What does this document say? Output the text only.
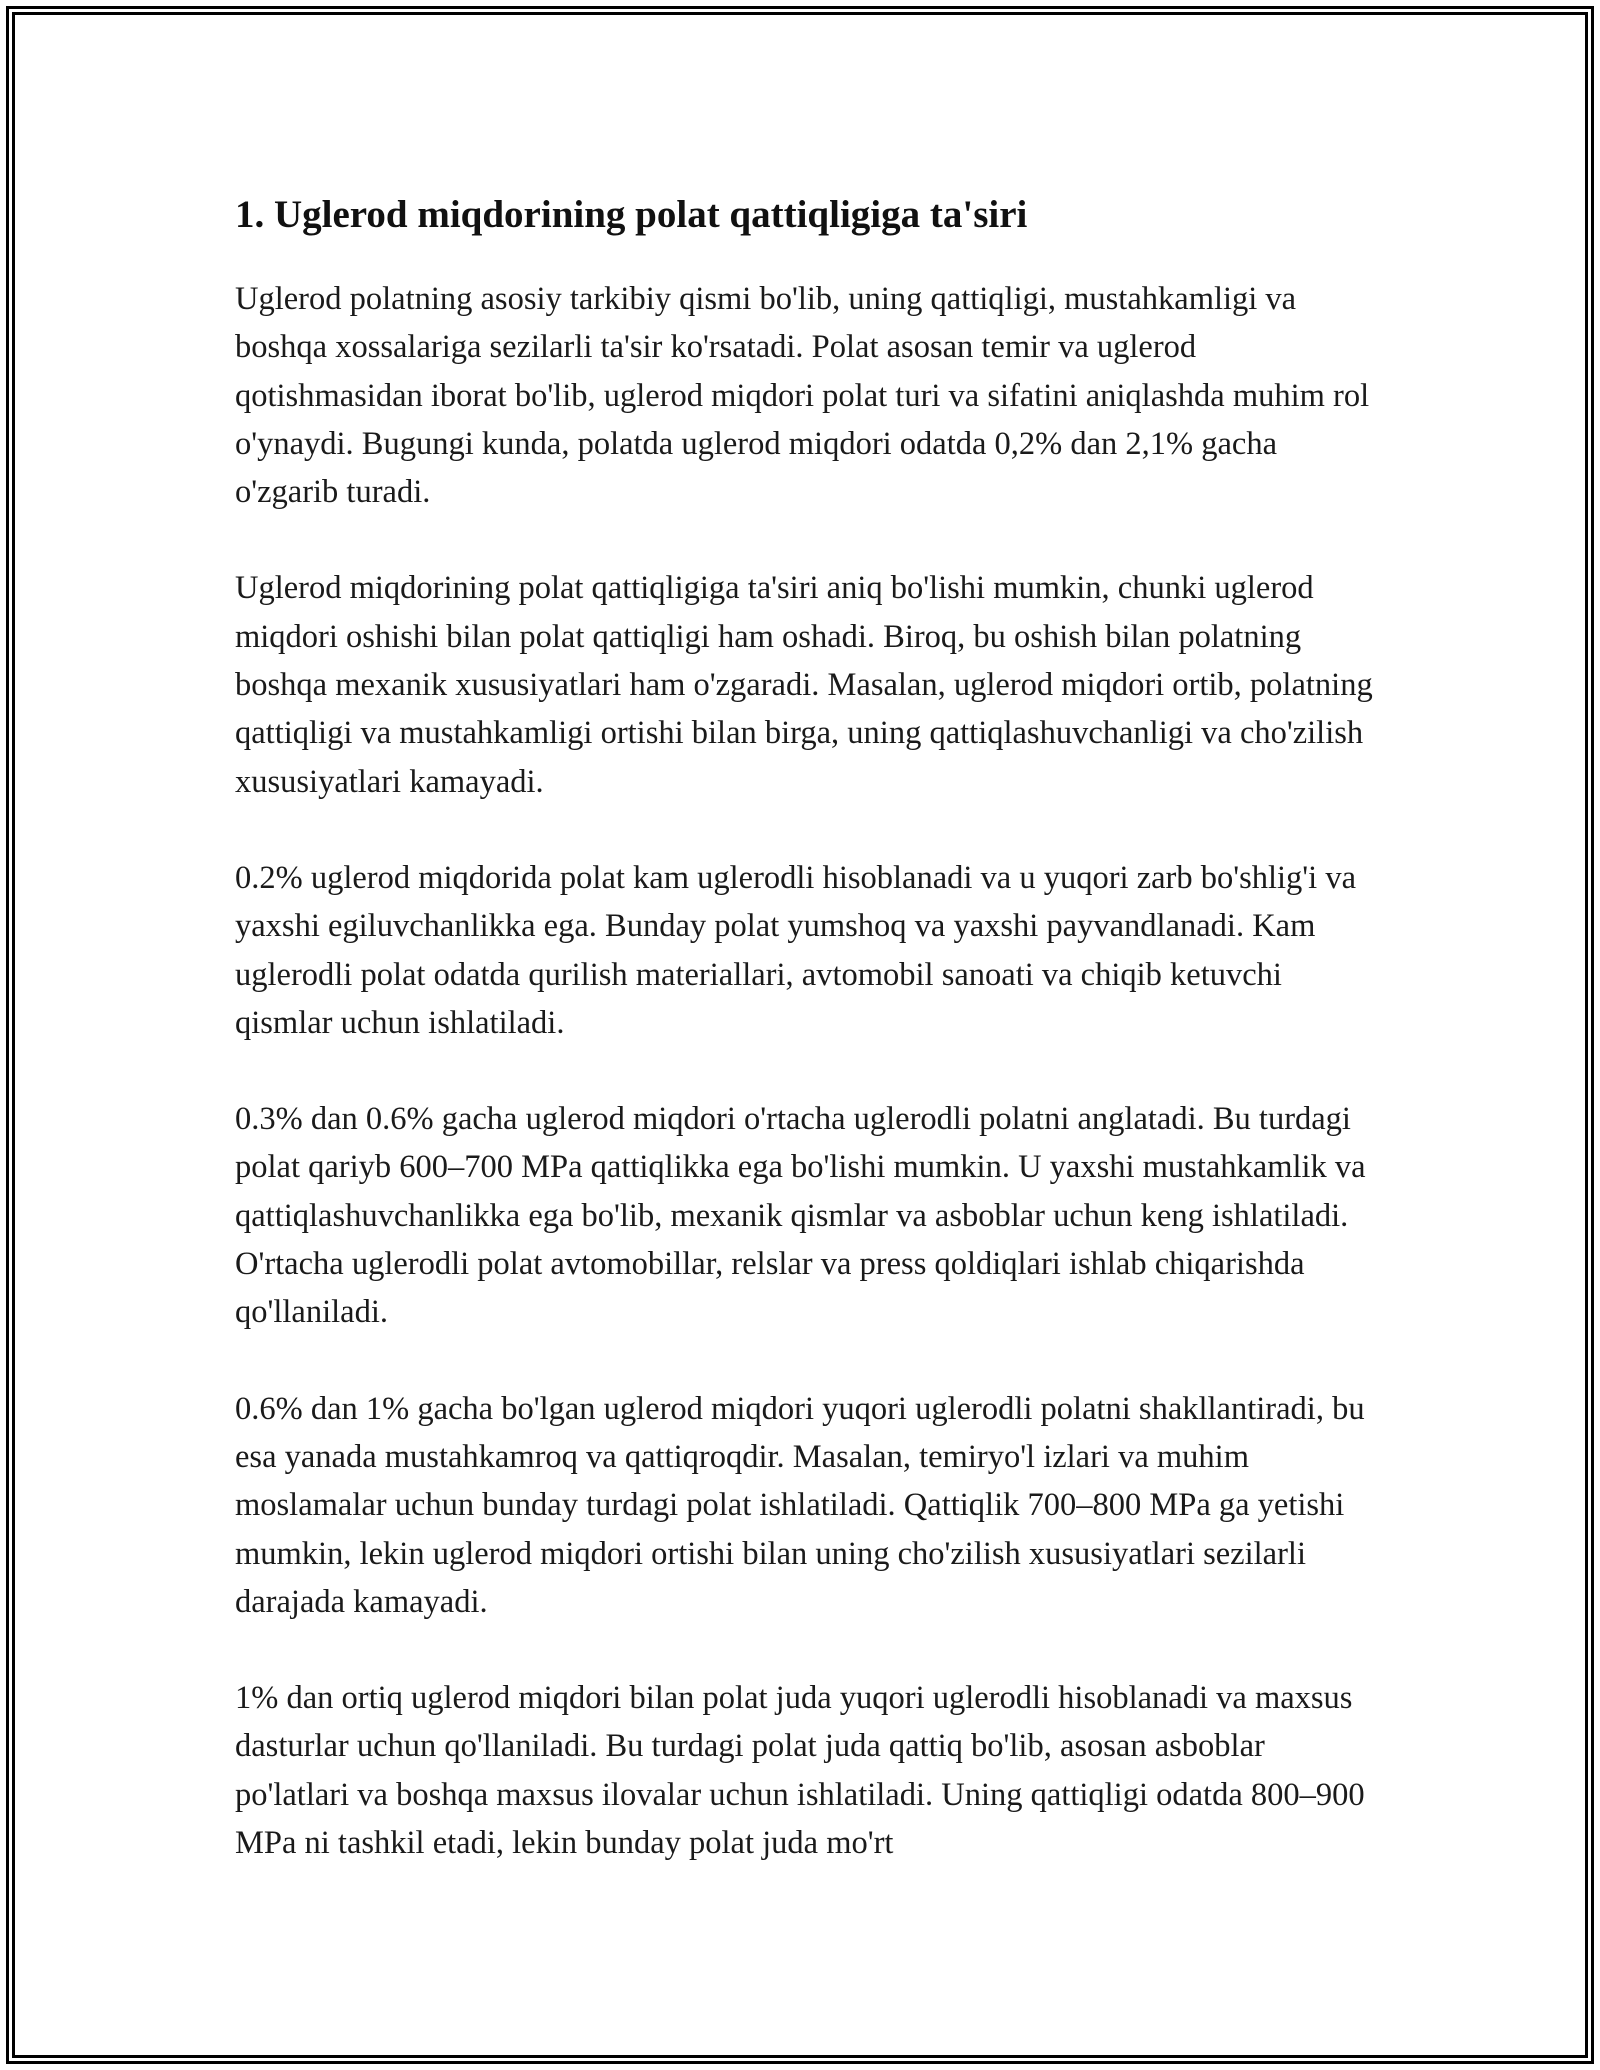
1. Uglerod miqdorining polat qattiqligiga ta'siri

Uglerod polatning asosiy tarkibiy qismi bo'lib, uning qattiqligi, mustahkamligi va boshqa xossalariga sezilarli ta'sir ko'rsatadi. Polat asosan temir va uglerod qotishmasidan iborat bo'lib, uglerod miqdori polat turi va sifatini aniqlashda muhim rol o'ynaydi. Bugungi kunda, polatda uglerod miqdori odatda 0,2% dan 2,1% gacha o'zgarib turadi.

Uglerod miqdorining polat qattiqligiga ta'siri aniq bo'lishi mumkin, chunki uglerod miqdori oshishi bilan polat qattiqligi ham oshadi. Biroq, bu oshish bilan polatning boshqa mexanik xususiyatlari ham o'zgaradi. Masalan, uglerod miqdori ortib, polatning qattiqligi va mustahkamligi ortishi bilan birga, uning qattiqlashuvchanligi va cho'zilish xususiyatlari kamayadi.

0.2% uglerod miqdorida polat kam uglerodli hisoblanadi va u yuqori zarb bo'shlig'i va yaxshi egiluvchanlikka ega. Bunday polat yumshoq va yaxshi payvandlanadi. Kam uglerodli polat odatda qurilish materiallari, avtomobil sanoati va chiqib ketuvchi qismlar uchun ishlatiladi.

0.3% dan 0.6% gacha uglerod miqdori o'rtacha uglerodli polatni anglatadi. Bu turdagi polat qariyb 600–700 MPa qattiqlikka ega bo'lishi mumkin. U yaxshi mustahkamlik va qattiqlashuvchanlikka ega bo'lib, mexanik qismlar va asboblar uchun keng ishlatiladi. O'rtacha uglerodli polat avtomobillar, relslar va press qoldiqlari ishlab chiqarishda qo'llaniladi.

0.6% dan 1% gacha bo'lgan uglerod miqdori yuqori uglerodli polatni shakllantiradi, bu esa yanada mustahkamroq va qattiqroqdir. Masalan, temiryo'l izlari va muhim moslamalar uchun bunday turdagi polat ishlatiladi. Qattiqlik 700–800 MPa ga yetishi mumkin, lekin uglerod miqdori ortishi bilan uning cho'zilish xususiyatlari sezilarli darajada kamayadi.

1% dan ortiq uglerod miqdori bilan polat juda yuqori uglerodli hisoblanadi va maxsus dasturlar uchun qo'llaniladi. Bu turdagi polat juda qattiq bo'lib, asosan asboblar po'latlari va boshqa maxsus ilovalar uchun ishlatiladi. Uning qattiqligi odatda 800–900 MPa ni tashkil etadi, lekin bunday polat juda mo'rt
